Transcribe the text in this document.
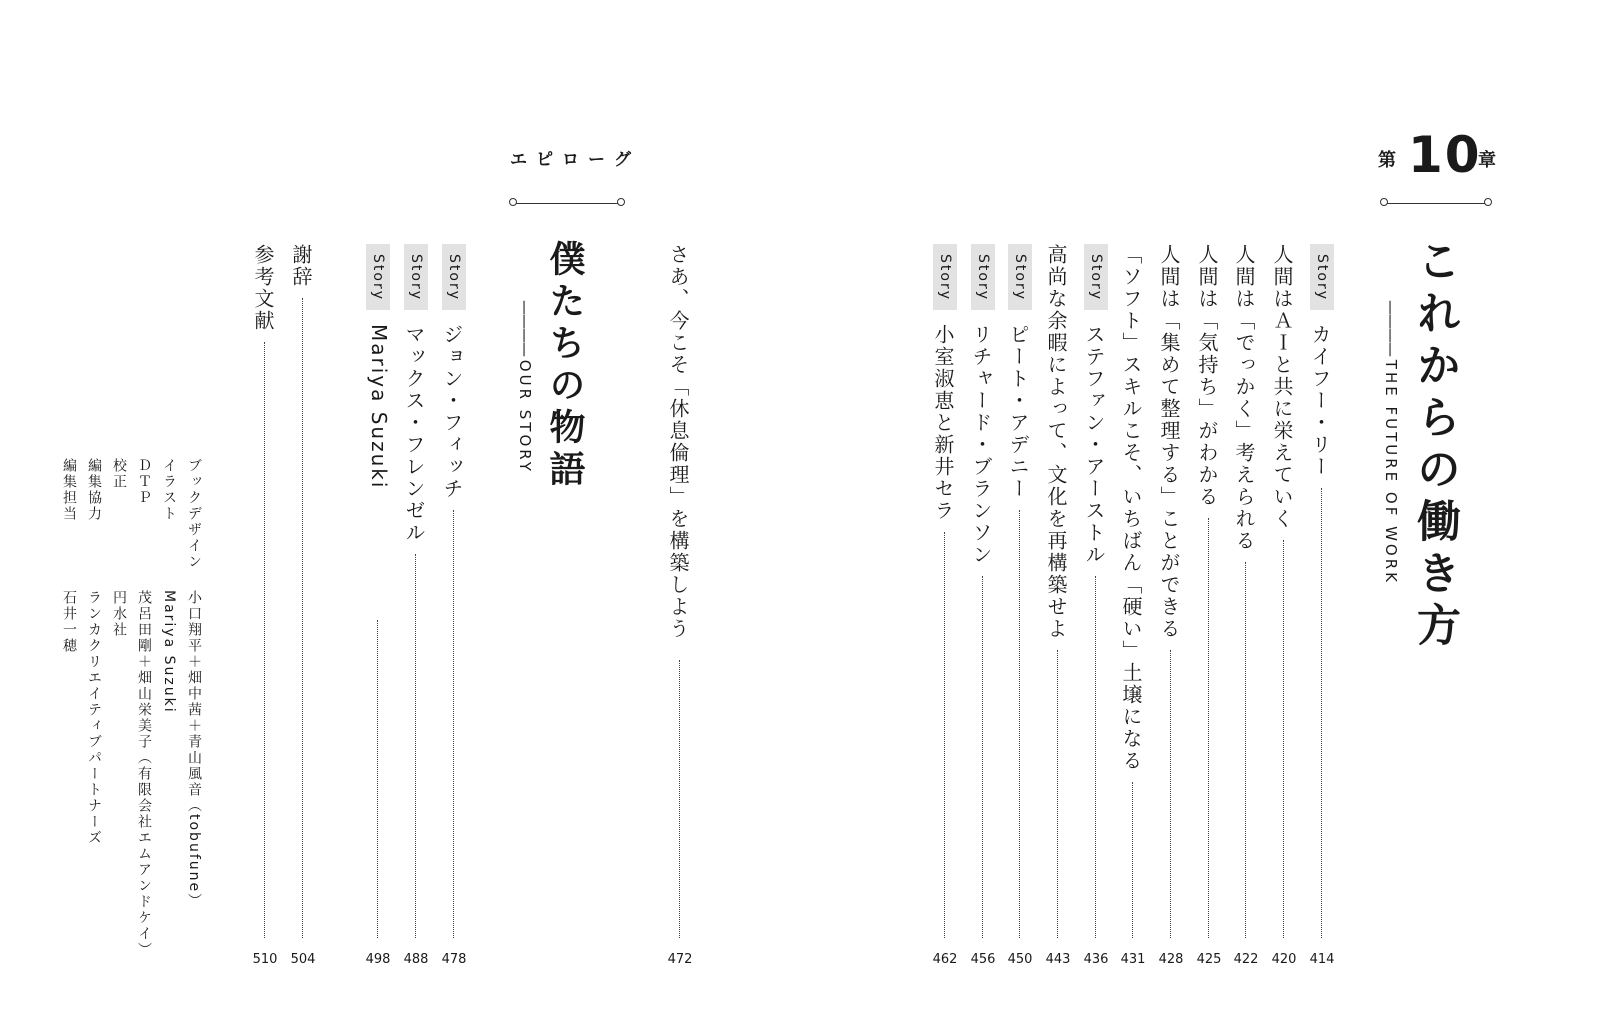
第 10
章
これからの働き方
———— THE FUTURE OF WORK
Story
カイフー・リー
414
人間はＡＩと共に栄えていく
420
人間は「でっかく」考えられる
422
人間は「気持ち」がわかる
425
人間は「集めて整理する」ことができる
428
「ソフト」スキルこそ、いちばん「硬い」土壌になる
431
Story
ステファン・アーストル
436
高尚な余暇によって、文化を再構築せよ
443
Story
ピート・アデニー
450
Story
リチャード・ブランソン
456
Story
小室淑恵と新井セラ
462
エピローグ
僕たちの物語
———— OUR STORY	さあ、今こそ「休息倫理」を構築しよう
472
Story
ジョン・フィッチ
478
Story
マックス・フレンゼル
488
Story
Mariya Suzuki
498
謝辞
504
参考文献
510
ブックデザイン
小口翔平＋畑中茜＋青山風音（tobufune）
イラスト
Mariya Suzuki
ＤＴＰ
茂呂田剛＋畑山栄美子（有限会社エムアンドケイ）
校正
円水社
編集協力
ランカクリエイティブパートナーズ
編集担当
石井一穂
